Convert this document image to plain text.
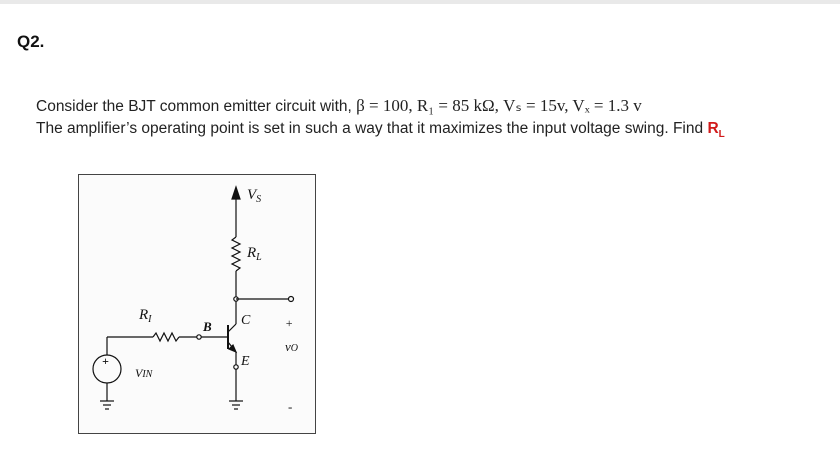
Q2.
Consider the BJT common emitter circuit with, β = 100, R₁ = 85 kΩ, Vₛ = 15v, Vₓ = 1.3 v
The amplifier’s operating point is set in such a way that it maximizes the input voltage swing. Find $R_L$
$V_S$
$R_L$
$R_I$	B C
E
VIN
+
vO
-
+
